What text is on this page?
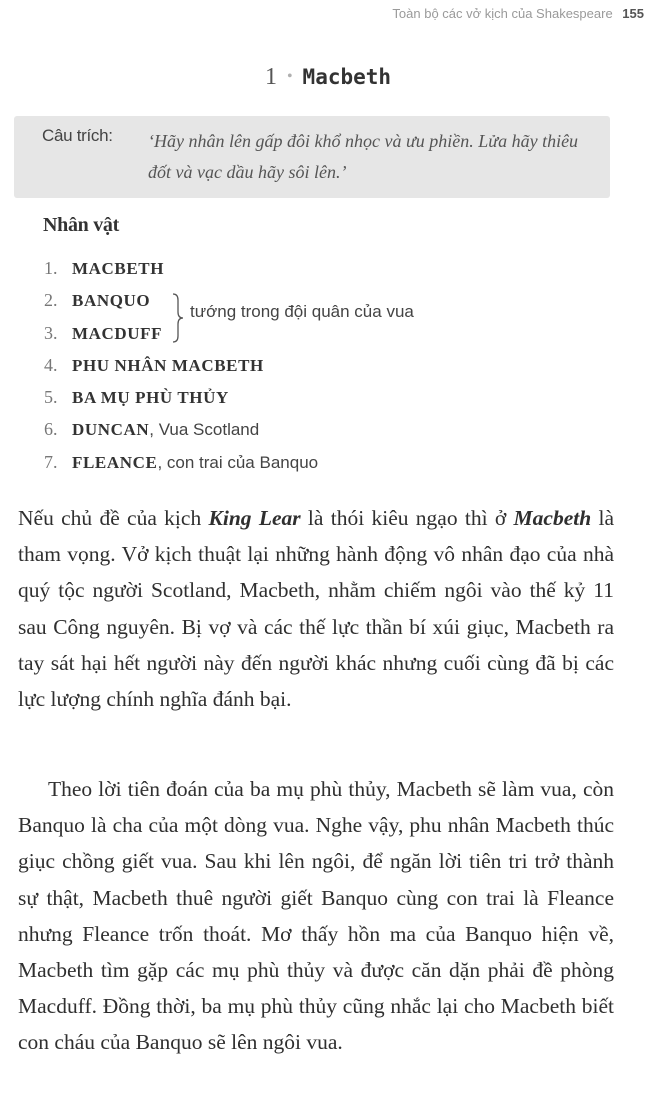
Toàn bộ các vở kịch của Shakespeare 155
1 • Macbeth
Câu trích: ‘Hãy nhân lên gấp đôi khổ nhọc và ưu phiền. Lửa hãy thiêu đốt và vạc dầu hãy sôi lên.’
Nhân vật
1. MACBETH
2. BANQUO
3. MACDUFF
4. PHU NHÂN MACBETH
5. BA MỤ PHÙ THỦY
6. DUNCAN, Vua Scotland
7. FLEANCE, con trai của Banquo
tướng trong đội quân của vua

Nếu chủ đề của kịch King Lear là thói kiêu ngạo thì ở Macbeth là tham vọng. Vở kịch thuật lại những hành động vô nhân đạo của nhà quý tộc người Scotland, Macbeth, nhằm chiếm ngôi vào thế kỷ 11 sau Công nguyên. Bị vợ và các thế lực thần bí xúi giục, Macbeth ra tay sát hại hết người này đến người khác nhưng cuối cùng đã bị các lực lượng chính nghĩa đánh bại.

Theo lời tiên đoán của ba mụ phù thủy, Macbeth sẽ làm vua, còn Banquo là cha của một dòng vua. Nghe vậy, phu nhân Macbeth thúc giục chồng giết vua. Sau khi lên ngôi, để ngăn lời tiên tri trở thành sự thật, Macbeth thuê người giết Banquo cùng con trai là Fleance nhưng Fleance trốn thoát. Mơ thấy hồn ma của Banquo hiện về, Macbeth tìm gặp các mụ phù thủy và được căn dặn phải đề phòng Macduff. Đồng thời, ba mụ phù thủy cũng nhắc lại cho Macbeth biết con cháu của Banquo sẽ lên ngôi vua.
